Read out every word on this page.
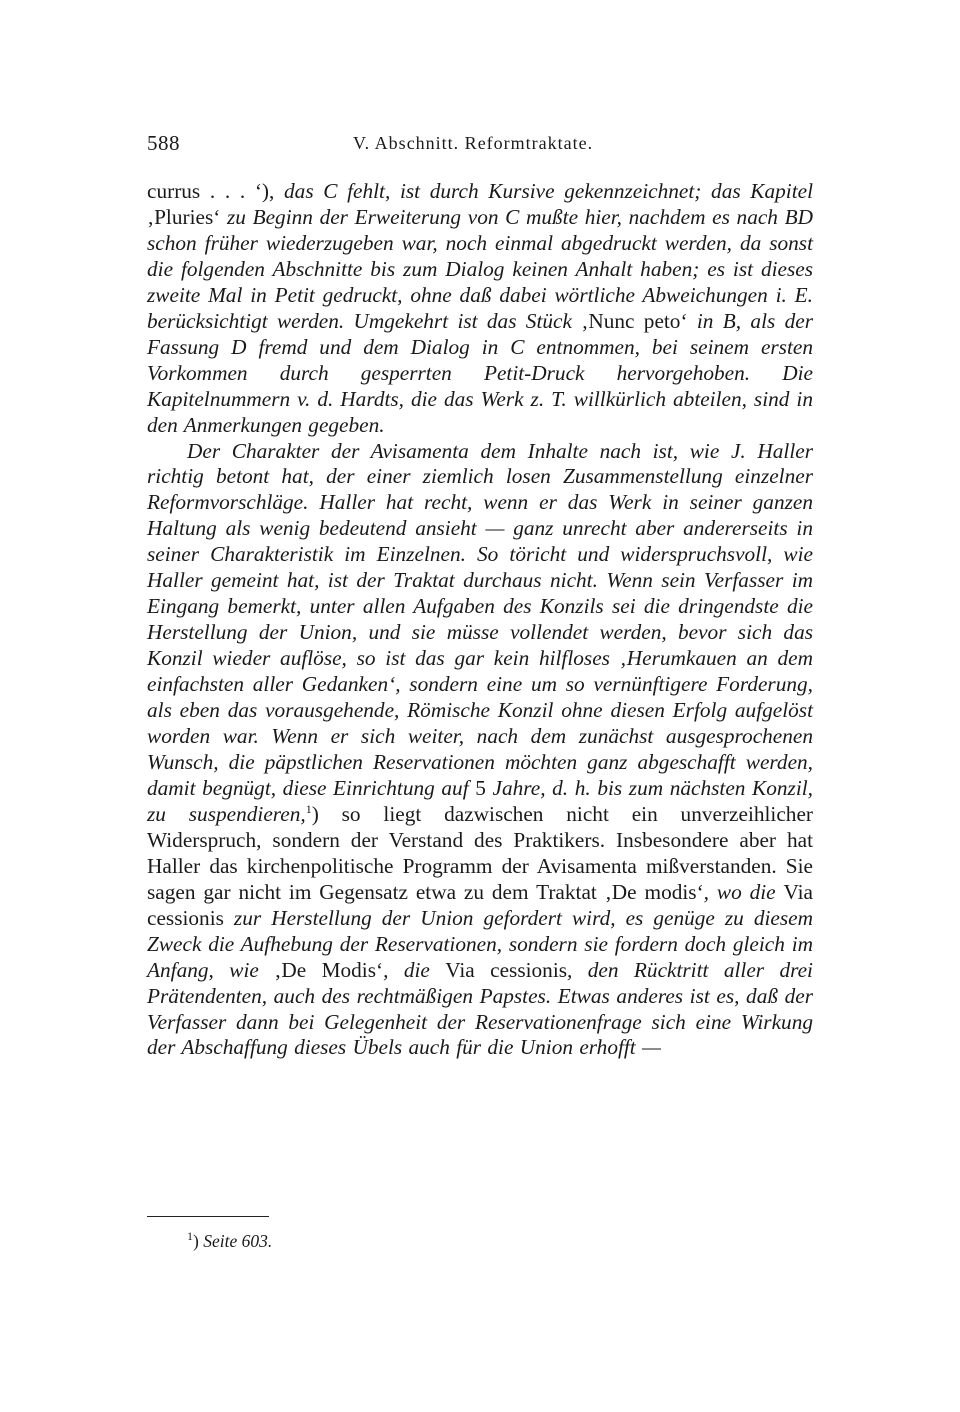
588	V. Abschnitt. Reformtraktate.

currus . . . ‘), das C fehlt, ist durch Kursive gekennzeichnet; das Kapitel ‚Pluries‘ zu Beginn der Erweiterung von C mußte hier, nachdem es nach BD schon früher wiederzugeben war, noch einmal abgedruckt werden, da sonst die folgenden Abschnitte bis zum Dialog keinen Anhalt haben; es ist dieses zweite Mal in Petit gedruckt, ohne daß dabei wörtliche Abweichungen i. E. berücksichtigt werden. Umgekehrt ist das Stück ‚Nunc peto‘ in B, als der Fassung D fremd und dem Dialog in C entnommen, bei seinem ersten Vorkommen durch gesperrten Petit-Druck hervorgehoben. Die Kapitelnummern v. d. Hardts, die das Werk z. T. willkürlich abteilen, sind in den Anmerkungen gegeben.

Der Charakter der Avisamenta dem Inhalte nach ist, wie J. Haller richtig betont hat, der einer ziemlich losen Zusammenstellung einzelner Reformvorschläge. Haller hat recht, wenn er das Werk in seiner ganzen Haltung als wenig bedeutend ansieht — ganz unrecht aber andererseits in seiner Charakteristik im Einzelnen. So töricht und widerspruchsvoll, wie Haller gemeint hat, ist der Traktat durchaus nicht. Wenn sein Verfasser im Eingang bemerkt, unter allen Aufgaben des Konzils sei die dringendste die Herstellung der Union, und sie müsse vollendet werden, bevor sich das Konzil wieder auflöse, so ist das gar kein hilfloses ‚Herumkauen an dem einfachsten aller Gedanken‘, sondern eine um so vernünftigere Forderung, als eben das vorausgehende, Römische Konzil ohne diesen Erfolg aufgelöst worden war. Wenn er sich weiter, nach dem zunächst ausgesprochenen Wunsch, die päpstlichen Reservationen möchten ganz abgeschafft werden, damit begnügt, diese Einrichtung auf 5 Jahre, d. h. bis zum nächsten Konzil, zu suspendieren,$^1$) so liegt dazwischen nicht ein unverzeihlicher Widerspruch, sondern der Verstand des Praktikers. Insbesondere aber hat Haller das kirchenpolitische Programm der Avisamenta mißverstanden. Sie sagen gar nicht im Gegensatz etwa zu dem Traktat ‚De modis‘, wo die Via cessionis zur Herstellung der Union gefordert wird, es genüge zu diesem Zweck die Aufhebung der Reservationen, sondern sie fordern doch gleich im Anfang, wie ‚De Modis‘, die Via cessionis, den Rücktritt aller drei Prätendenten, auch des rechtmäßigen Papstes. Etwas anderes ist es, daß der Verfasser dann bei Gelegenheit der Reservationenfrage sich eine Wirkung der Abschaffung dieses Übels auch für die Union erhofft —

$^1$) Seite 603.
